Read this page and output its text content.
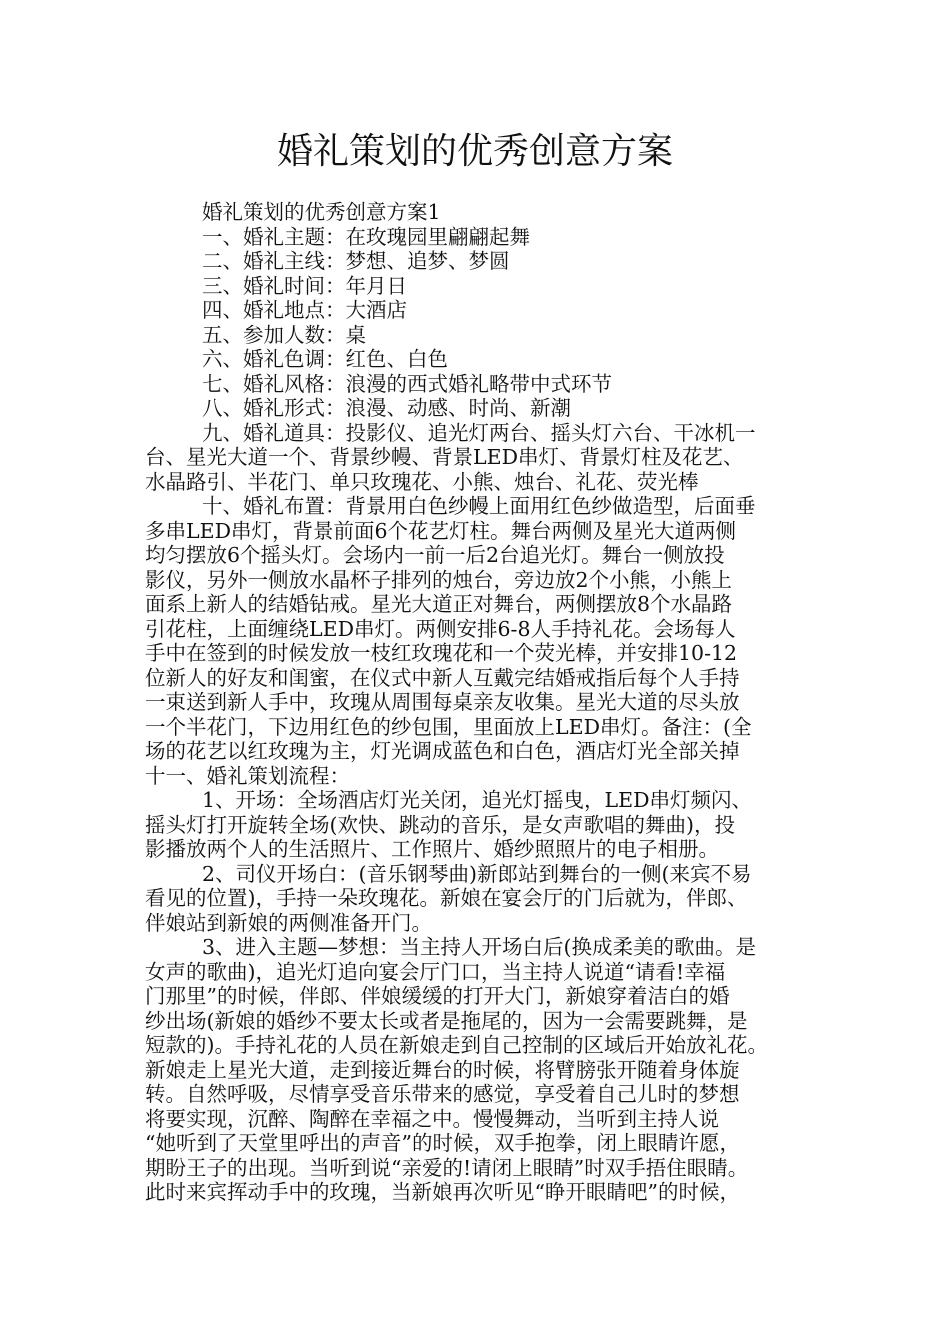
婚礼策划的优秀创意方案
婚礼策划的优秀创意方案1
一、婚礼主题：在玫瑰园里翩翩起舞
二、婚礼主线：梦想、追梦、梦圆
三、婚礼时间：年月日
四、婚礼地点：大酒店
五、参加人数：桌
六、婚礼色调：红色、白色
七、婚礼风格：浪漫的西式婚礼略带中式环节
八、婚礼形式：浪漫、动感、时尚、新潮
九、婚礼道具：投影仪、追光灯两台、摇头灯六台、干冰机一
台、星光大道一个、背景纱幔、背景LED串灯、背景灯柱及花艺、
水晶路引、半花门、单只玫瑰花、小熊、烛台、礼花、荧光棒
十、婚礼布置：背景用白色纱幔上面用红色纱做造型，后面垂
多串LED串灯，背景前面6个花艺灯柱。舞台两侧及星光大道两侧
均匀摆放6个摇头灯。会场内一前一后2台追光灯。舞台一侧放投
影仪，另外一侧放水晶杯子排列的烛台，旁边放2个小熊，小熊上
面系上新人的结婚钻戒。星光大道正对舞台，两侧摆放8个水晶路
引花柱，上面缠绕LED串灯。两侧安排6-8人手持礼花。会场每人
手中在签到的时候发放一枝红玫瑰花和一个荧光棒，并安排10-12
位新人的好友和闺蜜，在仪式中新人互戴完结婚戒指后每个人手持
一束送到新人手中，玫瑰从周围每桌亲友收集。星光大道的尽头放
一个半花门，下边用红色的纱包围，里面放上LED串灯。备注：(全
场的花艺以红玫瑰为主，灯光调成蓝色和白色，酒店灯光全部关掉
十一、婚礼策划流程：
1、开场：全场酒店灯光关闭，追光灯摇曳，LED串灯频闪、
摇头灯打开旋转全场(欢快、跳动的音乐，是女声歌唱的舞曲)，投
影播放两个人的生活照片、工作照片、婚纱照照片的电子相册。
2、司仪开场白：(音乐钢琴曲)新郎站到舞台的一侧(来宾不易
看见的位置)，手持一朵玫瑰花。新娘在宴会厅的门后就为，伴郎、
伴娘站到新娘的两侧准备开门。
3、进入主题—梦想：当主持人开场白后(换成柔美的歌曲。是
女声的歌曲)，追光灯追向宴会厅门口，当主持人说道“请看!幸福
门那里”的时候，伴郎、伴娘缓缓的打开大门，新娘穿着洁白的婚
纱出场(新娘的婚纱不要太长或者是拖尾的，因为一会需要跳舞，是
短款的)。手持礼花的人员在新娘走到自己控制的区域后开始放礼花。
新娘走上星光大道，走到接近舞台的时候，将臂膀张开随着身体旋
转。自然呼吸，尽情享受音乐带来的感觉，享受着自己儿时的梦想
将要实现，沉醉、陶醉在幸福之中。慢慢舞动，当听到主持人说
“她听到了天堂里呼出的声音”的时候，双手抱拳，闭上眼睛许愿，
期盼王子的出现。当听到说“亲爱的!请闭上眼睛”时双手捂住眼睛。
此时来宾挥动手中的玫瑰，当新娘再次听见“睁开眼睛吧”的时候，
